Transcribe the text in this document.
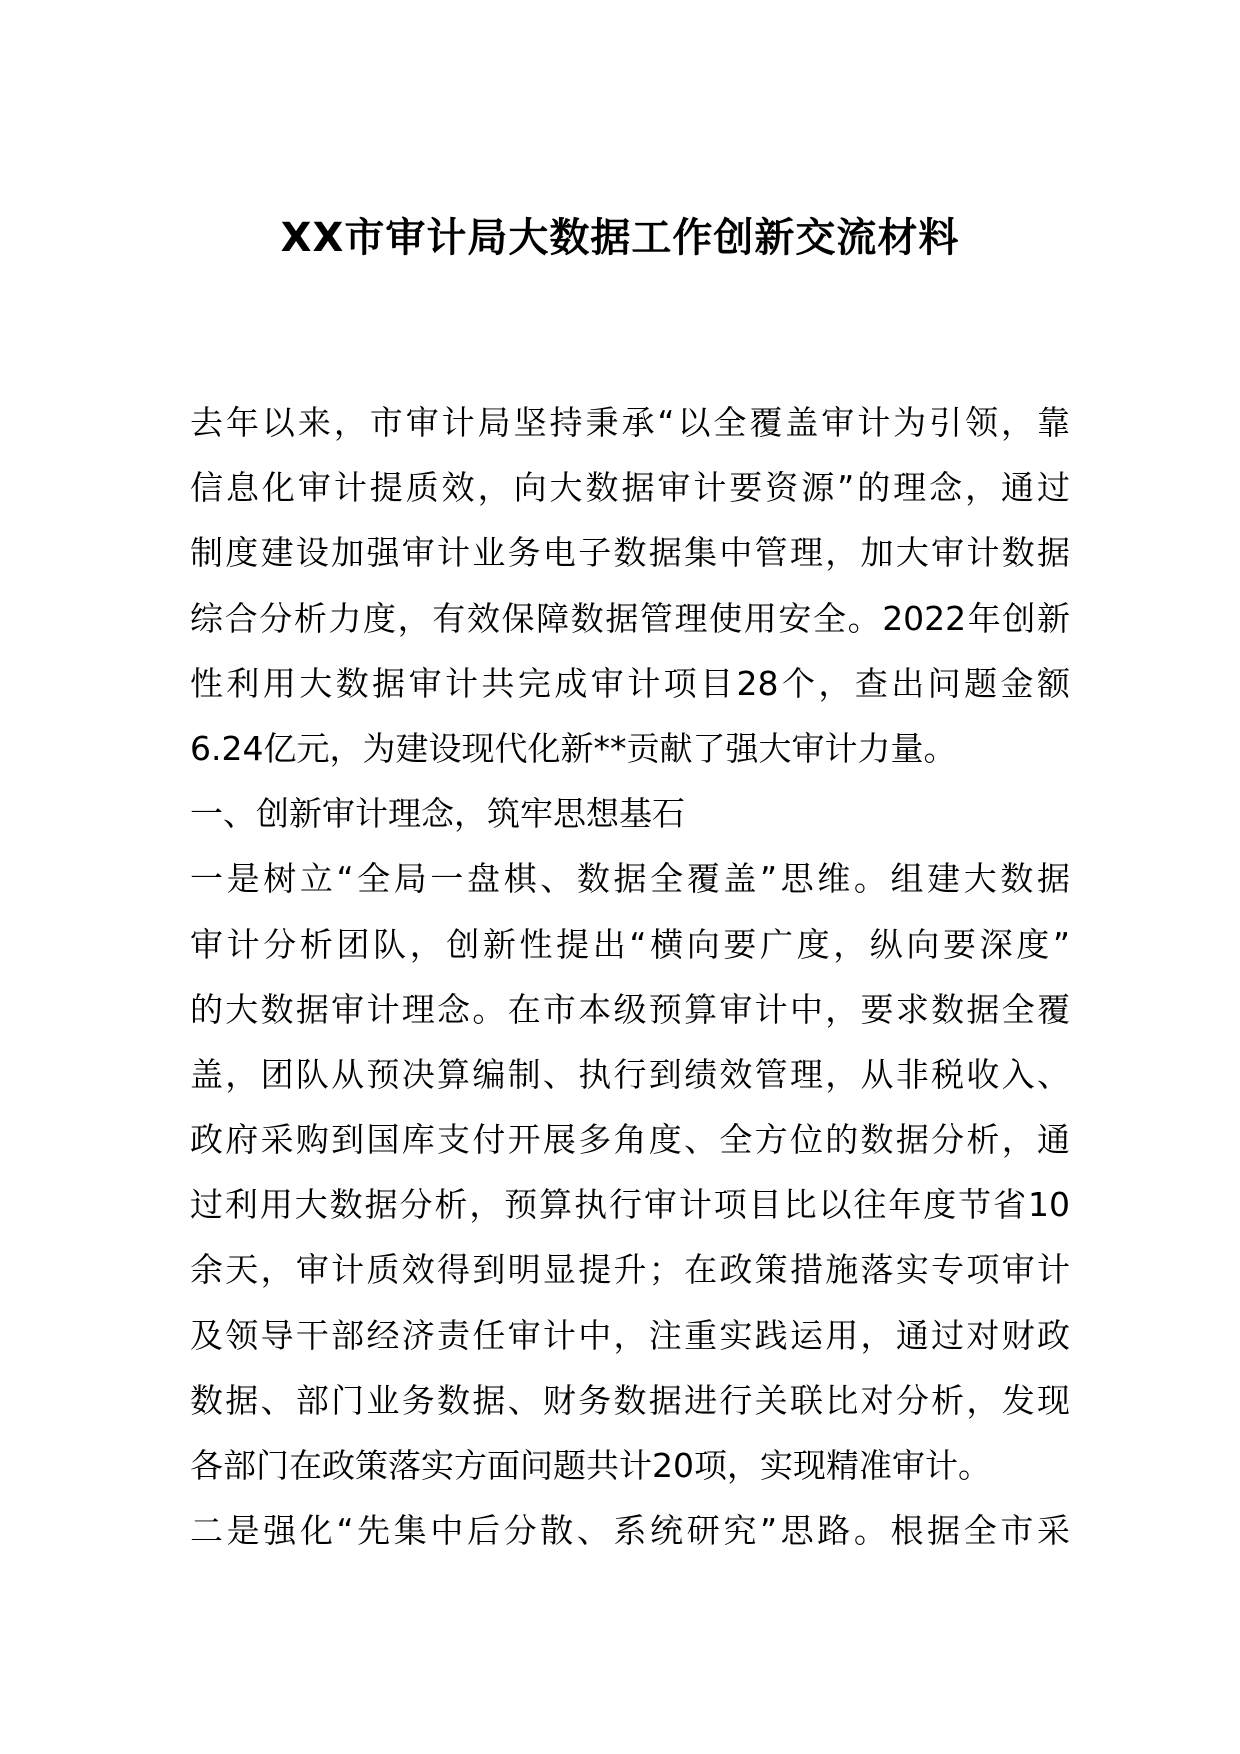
XX市审计局大数据工作创新交流材料
去年以来，市审计局坚持秉承“以全覆盖审计为引领，靠
信息化审计提质效，向大数据审计要资源”的理念，通过
制度建设加强审计业务电子数据集中管理，加大审计数据
综合分析力度，有效保障数据管理使用安全。2022年创新
性利用大数据审计共完成审计项目28个，查出问题金额
6.24亿元，为建设现代化新**贡献了强大审计力量。
一、创新审计理念，筑牢思想基石
一是树立“全局一盘棋、数据全覆盖”思维。组建大数据
审计分析团队，创新性提出“横向要广度，纵向要深度”
的大数据审计理念。在市本级预算审计中，要求数据全覆
盖，团队从预决算编制、执行到绩效管理，从非税收入、
政府采购到国库支付开展多角度、全方位的数据分析，通
过利用大数据分析，预算执行审计项目比以往年度节省10
余天，审计质效得到明显提升；在政策措施落实专项审计
及领导干部经济责任审计中，注重实践运用，通过对财政
数据、部门业务数据、财务数据进行关联比对分析，发现
各部门在政策落实方面问题共计20项，实现精准审计。
二是强化“先集中后分散、系统研究”思路。根据全市采
